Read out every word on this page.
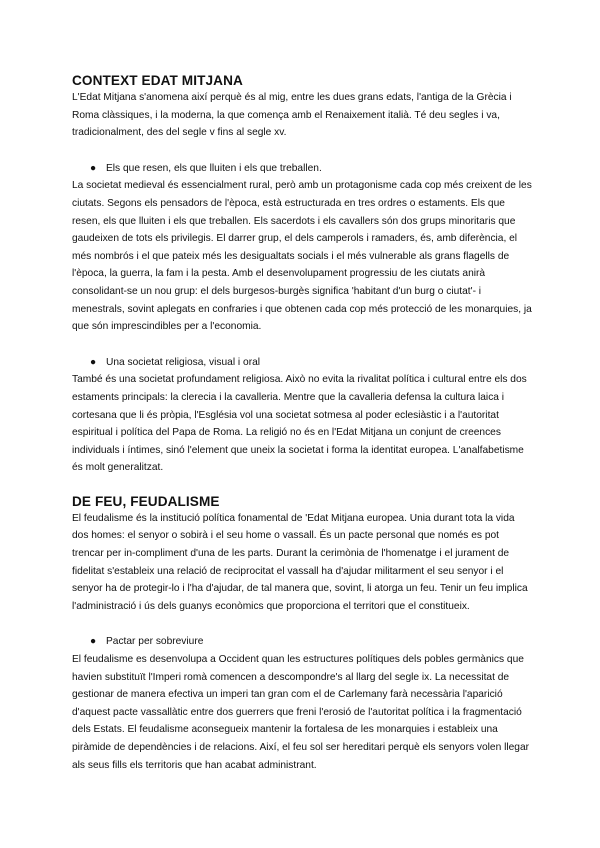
CONTEXT EDAT MITJANA

L'Edat Mitjana s'anomena així perquè és al mig, entre les dues grans edats, l'antiga de la Grècia i Roma clàssiques, i la moderna, la que comença amb el Renaixement italià. Té deu segles i va, tradicionalment, des del segle v fins al segle xv.

● Els que resen, els que lluiten i els que treballen.

La societat medieval és essencialment rural, però amb un protagonisme cada cop més creixent de les ciutats. Segons els pensadors de l'època, està estructurada en tres ordres o estaments. Els que resen, els que lluiten i els que treballen. Els sacerdots i els cavallers són dos grups minoritaris que gaudeixen de tots els privilegis. El darrer grup, el dels camperols i ramaders, és, amb diferència, el més nombrós i el que pateix més les desigualtats socials i el més vulnerable als grans flagells de l'època, la guerra, la fam i la pesta. Amb el desenvolupament progressiu de les ciutats anirà consolidant-se un nou grup: el dels burgesos-burgès significa 'habitant d'un burg o ciutat'- i menestrals, sovint aplegats en confraries i que obtenen cada cop més protecció de les monarquies, ja que són imprescindibles per a l'economia.

● Una societat religiosa, visual i oral

També és una societat profundament religiosa. Això no evita la rivalitat política i cultural entre els dos estaments principals: la clerecia i la cavalleria. Mentre que la cavalleria defensa la cultura laica i cortesana que li és pròpia, l'Església vol una societat sotmesa al poder eclesiàstic i a l'autoritat espiritual i política del Papa de Roma. La religió no és en l'Edat Mitjana un conjunt de creences individuals i íntimes, sinó l'element que uneix la societat i forma la identitat europea. L'analfabetisme és molt generalitzat.

DE FEU, FEUDALISME

El feudalisme és la institució política fonamental de 'Edat Mitjana europea. Unia durant tota la vida dos homes: el senyor o sobirà i el seu home o vassall. És un pacte personal que només es pot trencar per in-compliment d'una de les parts. Durant la cerimònia de l'homenatge i el jurament de fidelitat s'estableix una relació de reciprocitat el vassall ha d'ajudar militarment el seu senyor i el senyor ha de protegir-lo i l'ha d'ajudar, de tal manera que, sovint, li atorga un feu. Tenir un feu implica l'administració i ús dels guanys econòmics que proporciona el territori que el constitueix.

● Pactar per sobreviure

El feudalisme es desenvolupa a Occident quan les estructures polítiques dels pobles germànics que havien substituït l'Imperi romà comencen a descompondre's al llarg del segle ix. La necessitat de gestionar de manera efectiva un imperi tan gran com el de Carlemany farà necessària l'aparició d'aquest pacte vassallàtic entre dos guerrers que freni l'erosió de l'autoritat política i la fragmentació dels Estats. El feudalisme aconsegueix mantenir la fortalesa de les monarquies i estableix una piràmide de dependències i de relacions. Així, el feu sol ser hereditari perquè els senyors volen llegar als seus fills els territoris que han acabat administrant.
